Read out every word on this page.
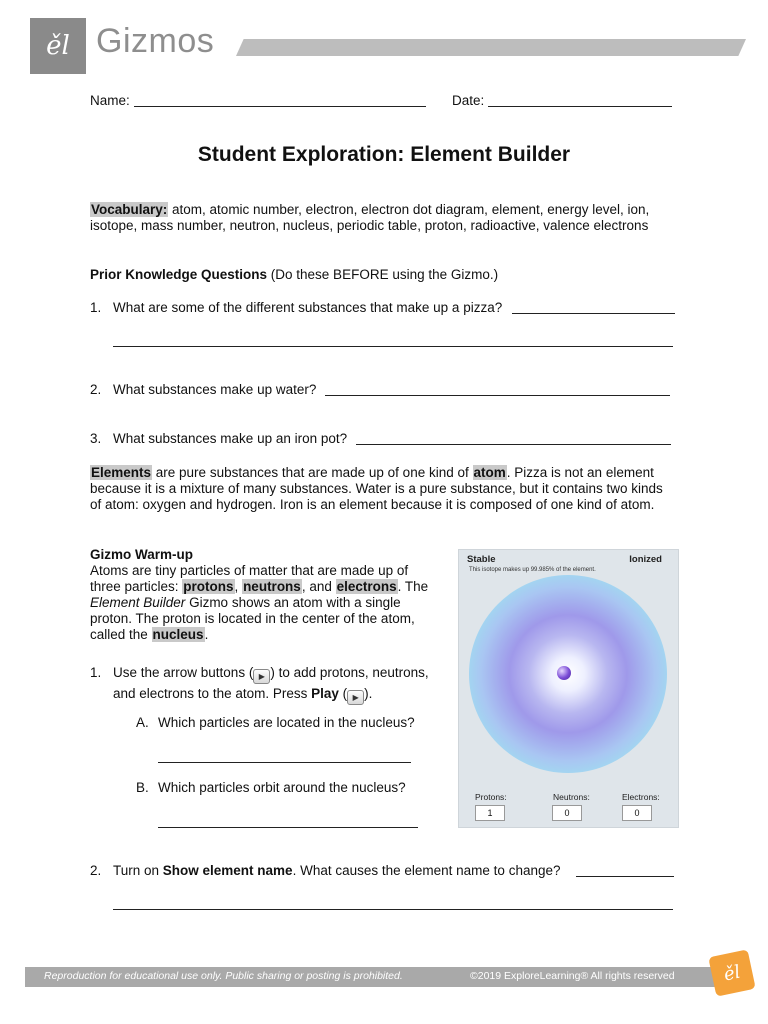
ěl Gizmos
Name:	Date:
Student Exploration: Element Builder
Vocabulary: atom, atomic number, electron, electron dot diagram, element, energy level, ion,
isotope, mass number, neutron, nucleus, periodic table, proton, radioactive, valence electrons
Prior Knowledge Questions (Do these BEFORE using the Gizmo.)
1. What are some of the different substances that make up a pizza?
2. What substances make up water?
3. What substances make up an iron pot?
Elements are pure substances that are made up of one kind of atom. Pizza is not an element
because it is a mixture of many substances. Water is a pure substance, but it contains two kinds
of atom: oxygen and hydrogen. Iron is an element because it is composed of one kind of atom.
Gizmo Warm-up
Atoms are tiny particles of matter that are made up of
three particles: protons, neutrons, and electrons. The
Element Builder Gizmo shows an atom with a single
proton. The proton is located in the center of the atom,
called the nucleus.
1. Use the arrow buttons ( ▶ ) to add protons, neutrons,
and electrons to the atom. Press Play ( ▶ ).
A. Which particles are located in the nucleus?
B. Which particles orbit around the nucleus?
2. Turn on Show element name. What causes the element name to change?
Stable	Ionized
This isotope makes up 99.985% of the element.
Protons:	Neutrons:	Electrons:
1	0	0
Reproduction for educational use only. Public sharing or posting is prohibited.	©2019 ExploreLearning® All rights reserved	ěl
